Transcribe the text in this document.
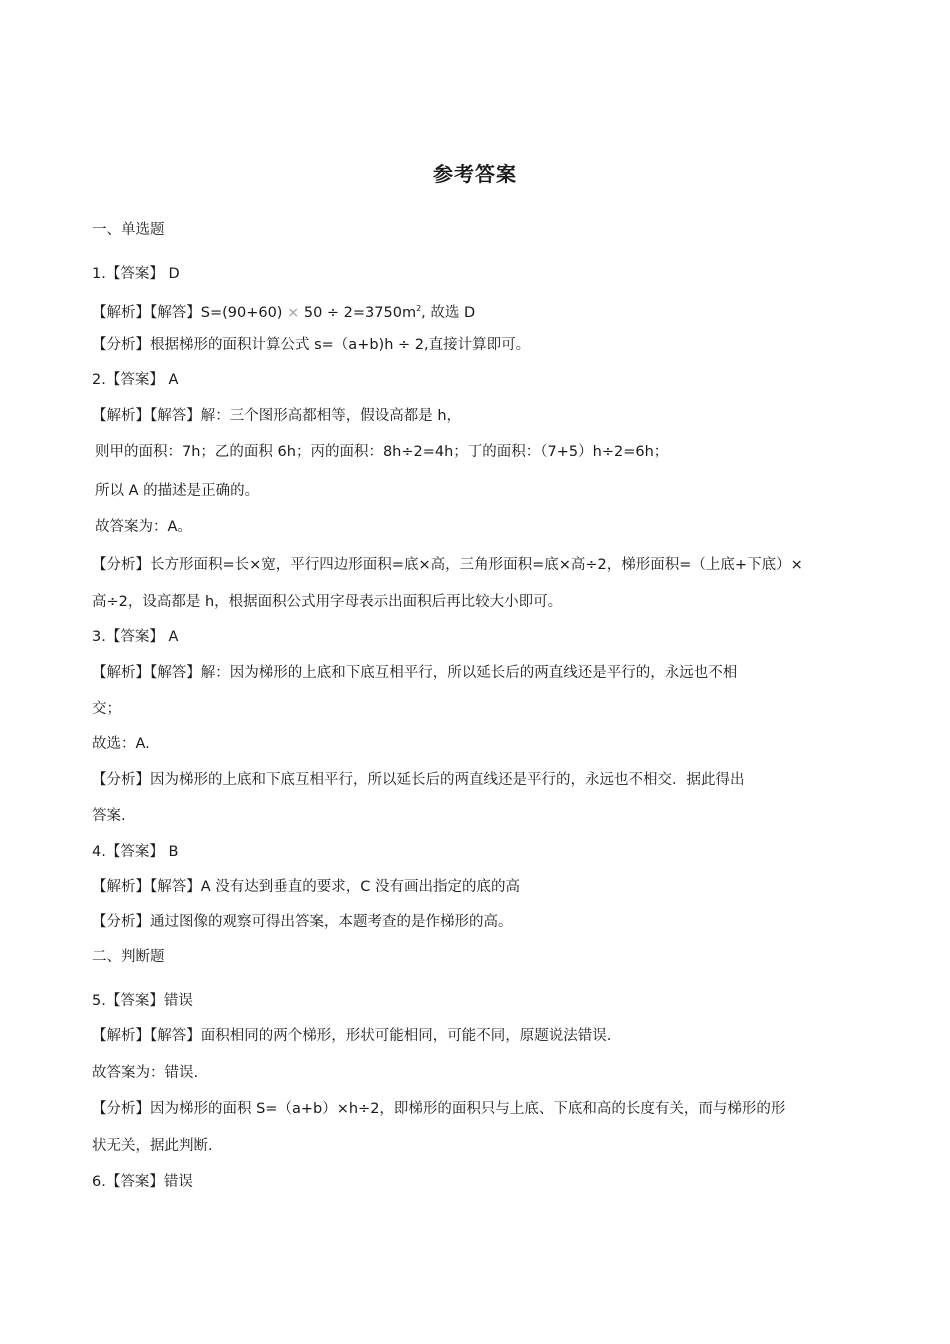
参考答案
一、单选题
1.【答案】 D
【解析】【解答】$S=(90+60) \times 50 \div 2=3750m^2$, 故选 D
【分析】根据梯形的面积计算公式 s=（a+b)h ÷ 2,直接计算即可。
2.【答案】 A
【解析】【解答】解：三个图形高都相等，假设高都是 h，
则甲的面积：7h；乙的面积 6h；丙的面积：8h÷2=4h；丁的面积：（7+5）h÷2=6h；
所以 A 的描述是正确的。
故答案为：A。
【分析】长方形面积=长×宽，平行四边形面积=底×高，三角形面积=底×高÷2，梯形面积=（上底+下底）×
高÷2，设高都是 h，根据面积公式用字母表示出面积后再比较大小即可。
3.【答案】 A
【解析】【解答】解：因为梯形的上底和下底互相平行，所以延长后的两直线还是平行的，永远也不相
交；
故选：A.
【分析】因为梯形的上底和下底互相平行，所以延长后的两直线还是平行的，永远也不相交．据此得出
答案.
4.【答案】 B
【解析】【解答】A 没有达到垂直的要求，C 没有画出指定的底的高
【分析】通过图像的观察可得出答案，本题考查的是作梯形的高。
二、判断题
5.【答案】错误
【解析】【解答】面积相同的两个梯形，形状可能相同，可能不同，原题说法错误.
故答案为：错误.
【分析】因为梯形的面积 S=（a+b）×h÷2，即梯形的面积只与上底、下底和高的长度有关，而与梯形的形
状无关，据此判断.
6.【答案】错误
